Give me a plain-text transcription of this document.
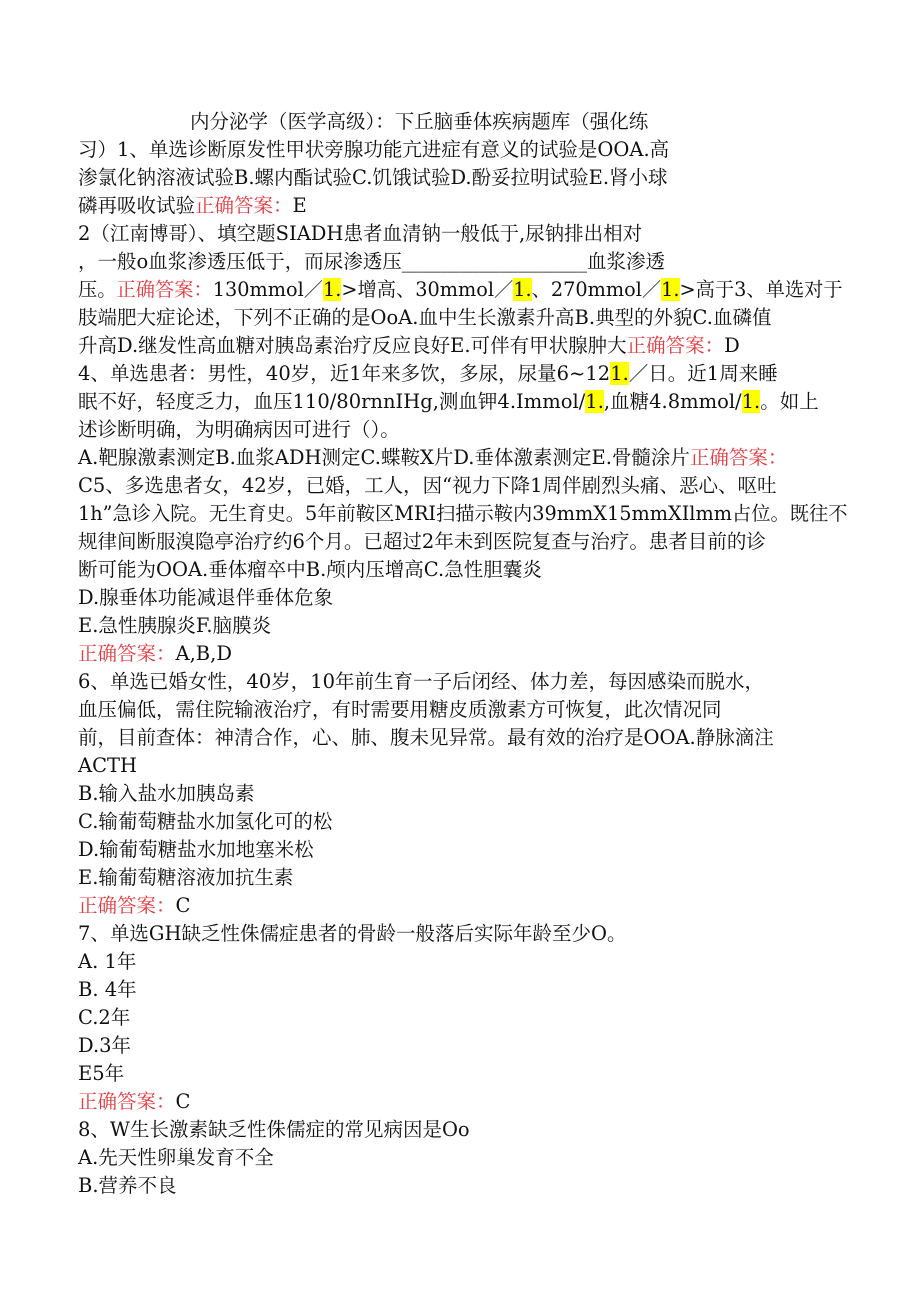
内分泌学（医学高级）：下丘脑垂体疾病题库（强化练
习）1、单选诊断原发性甲状旁腺功能亢进症有意义的试验是OOA.高
渗氯化钠溶液试验B.螺内酯试验C.饥饿试验D.酚妥拉明试验E.肾小球
磷再吸收试验正确答案：E
2（江南博哥）、填空题SIADH患者血清钠一般低于,尿钠排出相对
，一般o血浆渗透压低于，而尿渗透压___________________血浆渗透
压。正确答案：130mmol／1.>增高、30mmol／1.、270mmol／1.>高于3、单选对于
肢端肥大症论述，下列不正确的是OoA.血中生长激素升高B.典型的外貌C.血磷值
升高D.继发性高血糖对胰岛素治疗反应良好E.可伴有甲状腺肿大正确答案：D
4、单选患者：男性，40岁，近1年来多饮，多尿，尿量6~121.／日。近1周来睡
眠不好，轻度乏力，血压110/80rnnIHg,测血钾4.Immol/1.,血糖4.8mmol/1.。如上
述诊断明确，为明确病因可进行（）。
A.靶腺激素测定B.血浆ADH测定C.蝶鞍X片D.垂体激素测定E.骨髓涂片正确答案：
C5、多选患者女，42岁，已婚，工人，因“视力下降1周伴剧烈头痛、恶心、呕吐
1h”急诊入院。无生育史。5年前鞍区MRI扫描示鞍内39mmX15mmXIlmm占位。既往不
规律间断服溴隐亭治疗约6个月。已超过2年未到医院复查与治疗。患者目前的诊
断可能为OOA.垂体瘤卒中B.颅内压增高C.急性胆囊炎
D.腺垂体功能减退伴垂体危象
E.急性胰腺炎F.脑膜炎
正确答案：A,B,D
6、单选已婚女性，40岁，10年前生育一子后闭经、体力差，每因感染而脱水，
血压偏低，需住院输液治疗，有时需要用糖皮质激素方可恢复，此次情况同
前，目前查体：神清合作，心、肺、腹未见异常。最有效的治疗是OOA.静脉滴注
ACTH
B.输入盐水加胰岛素
C.输葡萄糖盐水加氢化可的松
D.输葡萄糖盐水加地塞米松
E.输葡萄糖溶液加抗生素
正确答案：C
7、单选GH缺乏性侏儒症患者的骨龄一般落后实际年龄至少O。
A. 1年
B. 4年
C.2年
D.3年
E5年
正确答案：C
8、W生长激素缺乏性侏儒症的常见病因是Oo
A.先天性卵巢发育不全
B.营养不良
